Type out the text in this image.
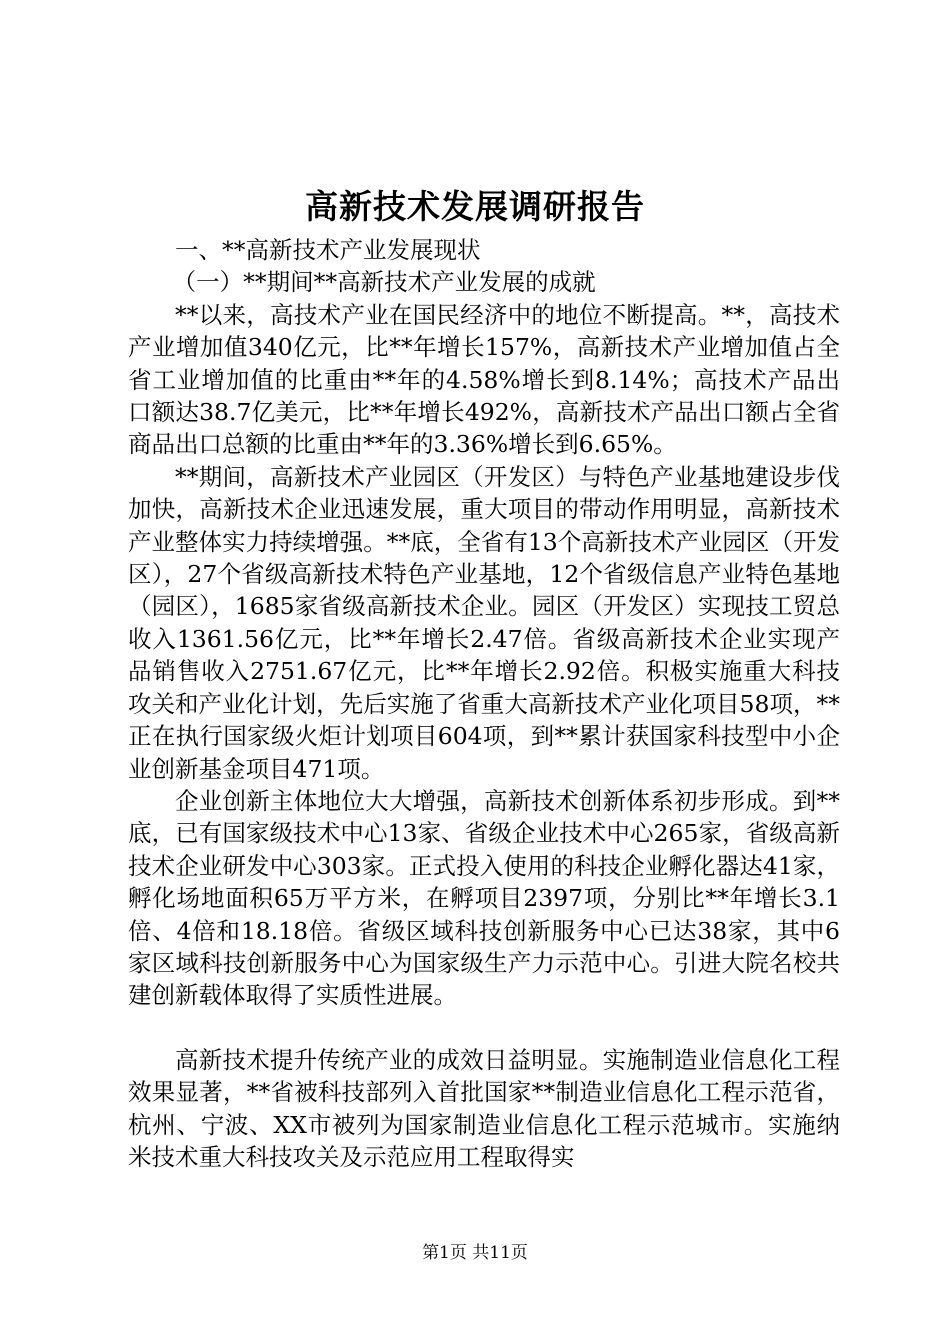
高新技术发展调研报告

一、**高新技术产业发展现状

（一）**期间**高新技术产业发展的成就

**以来，高技术产业在国民经济中的地位不断提高。**，高技术产业增加值340亿元，比**年增长157%，高新技术产业增加值占全省工业增加值的比重由**年的4.58%增长到8.14%；高技术产品出口额达38.7亿美元，比**年增长492%，高新技术产品出口额占全省商品出口总额的比重由**年的3.36%增长到6.65%。

**期间，高新技术产业园区（开发区）与特色产业基地建设步伐加快，高新技术企业迅速发展，重大项目的带动作用明显，高新技术产业整体实力持续增强。**底，全省有13个高新技术产业园区（开发区），27个省级高新技术特色产业基地，12个省级信息产业特色基地（园区），1685家省级高新技术企业。园区（开发区）实现技工贸总收入1361.56亿元，比**年增长2.47倍。省级高新技术企业实现产品销售收入2751.67亿元，比**年增长2.92倍。积极实施重大科技攻关和产业化计划，先后实施了省重大高新技术产业化项目58项，**正在执行国家级火炬计划项目604项，到**累计获国家科技型中小企业创新基金项目471项。

企业创新主体地位大大增强，高新技术创新体系初步形成。到**底，已有国家级技术中心13家、省级企业技术中心265家，省级高新技术企业研发中心303家。正式投入使用的科技企业孵化器达41家，孵化场地面积65万平方米，在孵项目2397项，分别比**年增长3.1倍、4倍和18.18倍。省级区域科技创新服务中心已达38家，其中6家区域科技创新服务中心为国家级生产力示范中心。引进大院名校共建创新载体取得了实质性进展。

高新技术提升传统产业的成效日益明显。实施制造业信息化工程效果显著，**省被科技部列入首批国家**制造业信息化工程示范省，杭州、宁波、XX市被列为国家制造业信息化工程示范城市。实施纳米技术重大科技攻关及示范应用工程取得实

第1页 共11页
